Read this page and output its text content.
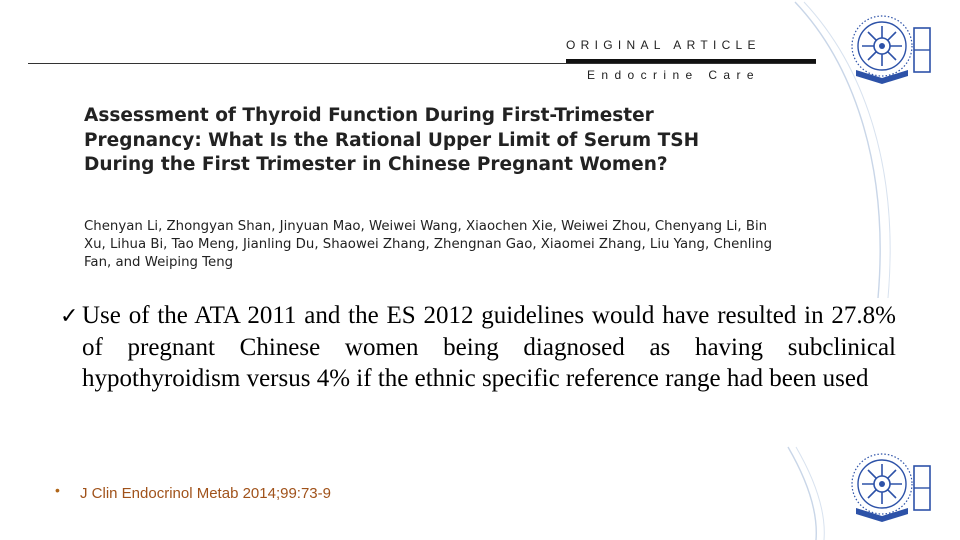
ORIGINAL ARTICLE
Endocrine Care
Assessment of Thyroid Function During First-Trimester Pregnancy: What Is the Rational Upper Limit of Serum TSH During the First Trimester in Chinese Pregnant Women?

Chenyan Li, Zhongyan Shan, Jinyuan Mao, Weiwei Wang, Xiaochen Xie, Weiwei Zhou, Chenyang Li, Bin Xu, Lihua Bi, Tao Meng, Jianling Du, Shaowei Zhang, Zhengnan Gao, Xiaomei Zhang, Liu Yang, Chenling Fan, and Weiping Teng

✓ Use of the ATA 2011 and the ES 2012 guidelines would have resulted in 27.8% of pregnant Chinese women being diagnosed as having subclinical hypothyroidism versus 4% if the ethnic specific reference range had been used

• J Clin Endocrinol Metab 2014;99:73-9
